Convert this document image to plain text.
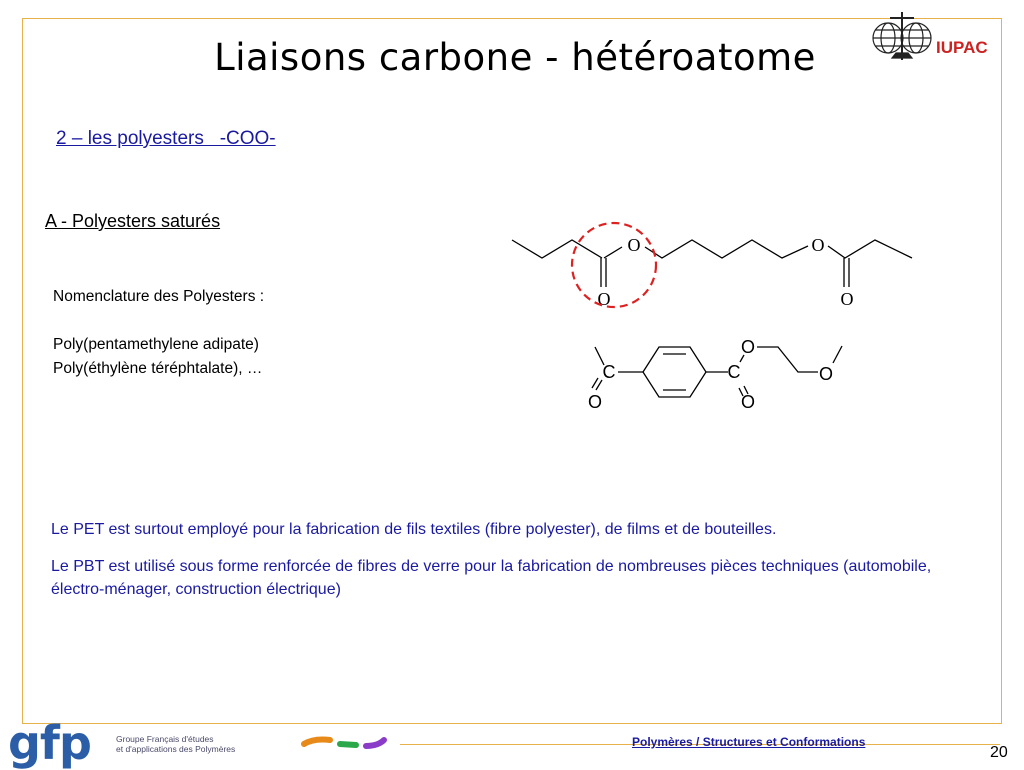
Liaisons carbone - hétéroatome	IUPAC
2 – les polyesters   -COO-
A - Polyesters saturés
Nomenclature des Polyesters :
Poly(pentamethylene adipate)
Poly(éthylène téréphtalate), …
O
O
O
O
C
O
C
O
O
O
Le PET est surtout employé pour la fabrication de fils textiles (fibre polyester), de films et de bouteilles.
Le PBT est utilisé sous forme renforcée de fibres de verre pour la fabrication de nombreuses pièces techniques (automobile, électro-ménager, construction électrique)
gfp	Groupe Français d'études
et d'applications des Polymères	Polymères / Structures et Conformations
20
